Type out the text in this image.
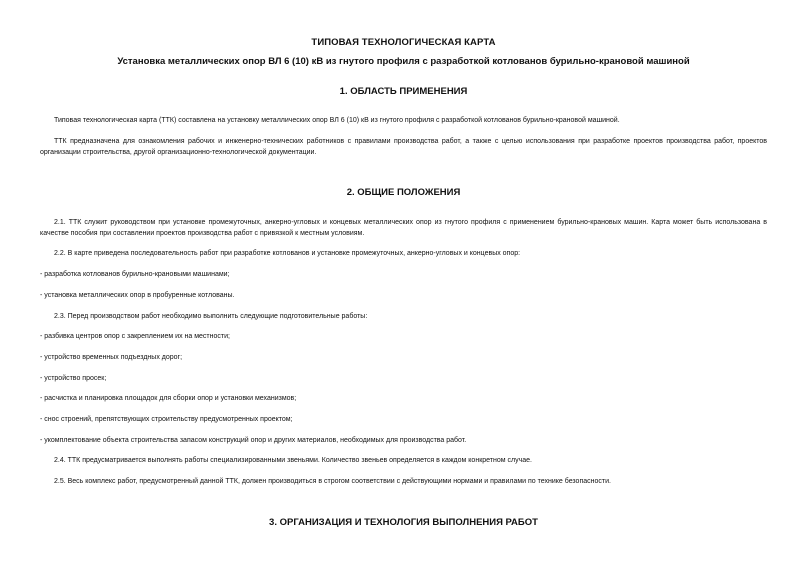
ТИПОВАЯ ТЕХНОЛОГИЧЕСКАЯ КАРТА
Установка металлических опор ВЛ 6 (10) кВ из гнутого профиля с разработкой котлованов бурильно-крановой машиной
1. ОБЛАСТЬ ПРИМЕНЕНИЯ
Типовая технологическая карта (ТТК) составлена на установку металлических опор ВЛ 6 (10) кВ из гнутого профиля с разработкой котлованов бурильно-крановой машиной.
ТТК предназначена для ознакомления рабочих и инженерно-технических работников с правилами производства работ, а также с целью использования при разработке проектов производства работ, проектов организации строительства, другой организационно-технологической документации.
2. ОБЩИЕ ПОЛОЖЕНИЯ
2.1. ТТК служит руководством при установке промежуточных, анкерно-угловых и концевых металлических опор из гнутого профиля с применением бурильно-крановых машин. Карта может быть использована в качестве пособия при составлении проектов производства работ с привязкой к местным условиям.
2.2. В карте приведена последовательность работ при разработке котлованов и установке промежуточных, анкерно-угловых и концевых опор:
- разработка котлованов бурильно-крановыми машинами;
- установка металлических опор в пробуренные котлованы.
2.3. Перед производством работ необходимо выполнить следующие подготовительные работы:
- разбивка центров опор с закреплением их на местности;
- устройство временных подъездных дорог;
- устройство просек;
- расчистка и планировка площадок для сборки опор и установки механизмов;
- снос строений, препятствующих строительству предусмотренных проектом;
- укомплектование объекта строительства запасом конструкций опор и других материалов, необходимых для производства работ.
2.4. ТТК предусматривается выполнять работы специализированными звеньями. Количество звеньев определяется в каждом конкретном случае.
2.5. Весь комплекс работ, предусмотренный данной ТТК, должен производиться в строгом соответствии с действующими нормами и правилами по технике безопасности.
3. ОРГАНИЗАЦИЯ И ТЕХНОЛОГИЯ ВЫПОЛНЕНИЯ РАБОТ
